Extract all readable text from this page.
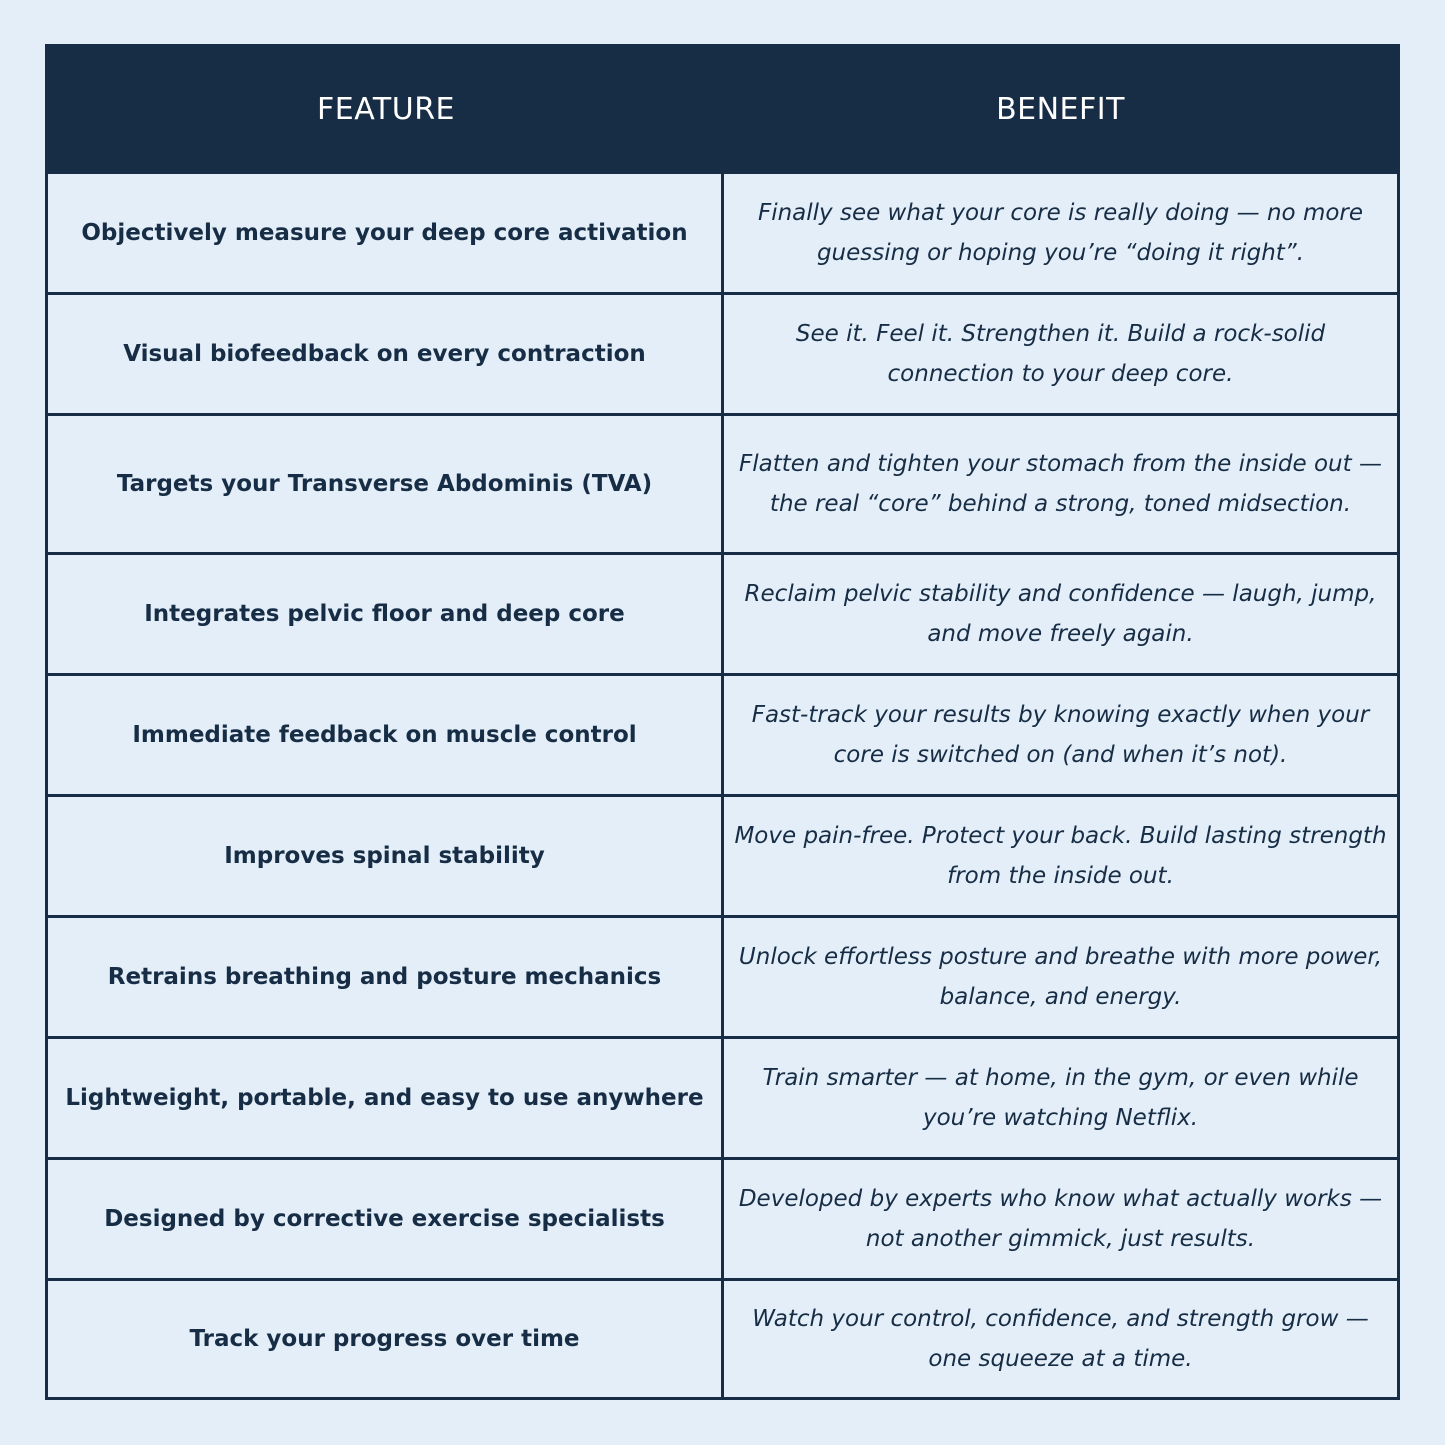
FEATURE	BENEFIT
Objectively measure your deep core activation
Finally see what your core is really doing — no more guessing or hoping you’re “doing it right”.
Visual biofeedback on every contraction
See it. Feel it. Strengthen it. Build a rock-solid connection to your deep core.
Targets your Transverse Abdominis (TVA)
Flatten and tighten your stomach from the inside out — the real “core” behind a strong, toned midsection.
Integrates pelvic floor and deep core
Reclaim pelvic stability and confidence — laugh, jump, and move freely again.
Immediate feedback on muscle control
Fast-track your results by knowing exactly when your core is switched on (and when it’s not).
Improves spinal stability
Move pain-free. Protect your back. Build lasting strength from the inside out.
Retrains breathing and posture mechanics
Unlock effortless posture and breathe with more power, balance, and energy.
Lightweight, portable, and easy to use anywhere
Train smarter — at home, in the gym, or even while you’re watching Netflix.
Designed by corrective exercise specialists
Developed by experts who know what actually works — not another gimmick, just results.
Track your progress over time
Watch your control, confidence, and strength grow — one squeeze at a time.
